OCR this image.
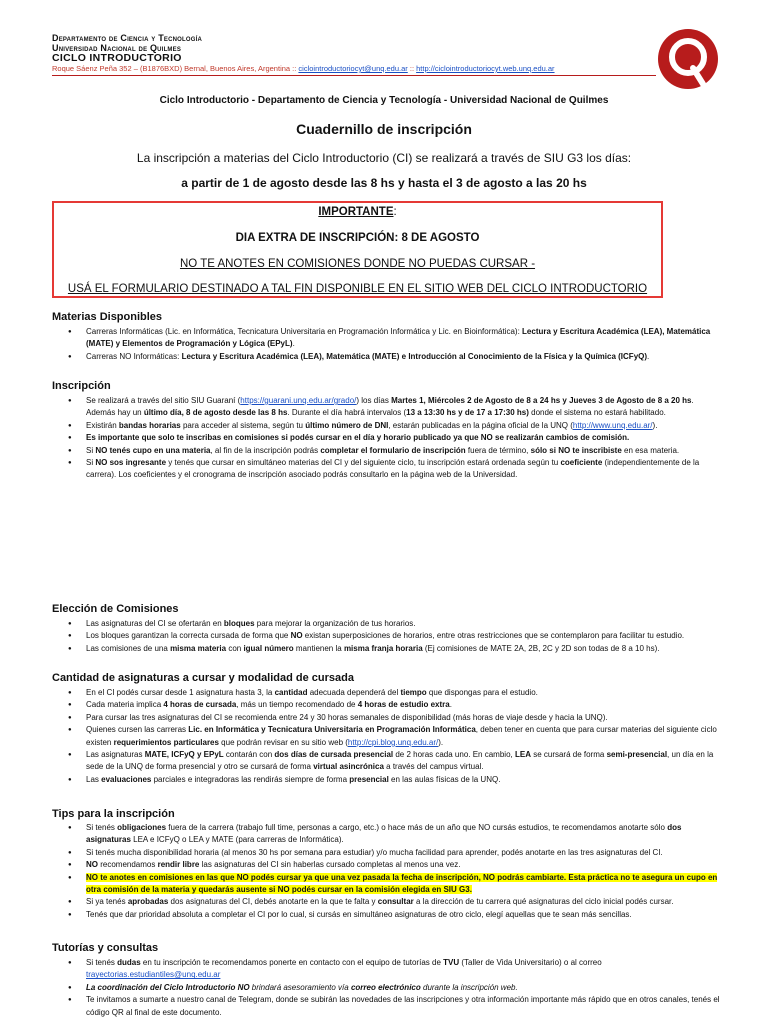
Departamento de Ciencia y Tecnología
Universidad Nacional de Quilmes
CICLO INTRODUCTORIO
Roque Sáenz Peña 352 – (B1876BXD) Bernal, Buenos Aires, Argentina :: ciclointroductoriocyt@unq.edu.ar :: http://ciclointroductoriocyt.web.unq.edu.ar
Q
Ciclo Introductorio - Departamento de Ciencia y Tecnología - Universidad Nacional de Quilmes
Cuadernillo de inscripción
La inscripción a materias del Ciclo Introductorio (CI) se realizará a través de SIU G3 los días:
a partir de 1 de agosto desde las 8 hs y hasta el 3 de agosto a las 20 hs
IMPORTANTE:
DIA EXTRA DE INSCRIPCIÓN: 8 DE AGOSTO
NO TE ANOTES EN COMISIONES DONDE NO PUEDAS CURSAR -
USÁ EL FORMULARIO DESTINADO A TAL FIN DISPONIBLE EN EL SITIO WEB DEL CICLO INTRODUCTORIO
Materias Disponibles
● Carreras Informáticas (Lic. en Informática, Tecnicatura Universitaria en Programación Informática y Lic. en Bioinformática): Lectura y Escritura Académica (LEA), Matemática (MATE) y Elementos de Programación y Lógica (EPyL).
● Carreras NO Informáticas: Lectura y Escritura Académica (LEA), Matemática (MATE) e Introducción al Conocimiento de la Física y la Química (ICFyQ).
Inscripción
● Se realizará a través del sitio SIU Guaraní (https://guarani.unq.edu.ar/grado/) los días Martes 1, Miércoles 2 de Agosto de 8 a 24 hs y Jueves 3 de Agosto de 8 a 20 hs. Además hay un último día, 8 de agosto desde las 8 hs. Durante el día habrá intervalos (13 a 13:30 hs y de 17 a 17:30 hs) donde el sistema no estará habilitado.
● Existirán bandas horarias para acceder al sistema, según tu último número de DNI, estarán publicadas en la página oficial de la UNQ (http://www.unq.edu.ar/).
● Es importante que solo te inscribas en comisiones si podés cursar en el día y horario publicado ya que NO se realizarán cambios de comisión.
● Si NO tenés cupo en una materia, al fin de la inscripción podrás completar el formulario de inscripción fuera de término, sólo si NO te inscribiste en esa materia.
● Si NO sos ingresante y tenés que cursar en simultáneo materias del CI y del siguiente ciclo, tu inscripción estará ordenada según tu coeficiente (independientemente de la carrera). Los coeficientes y el cronograma de inscripción asociado podrás consultarlo en la página web de la Universidad.
Elección de Comisiones
● Las asignaturas del CI se ofertarán en bloques para mejorar la organización de tus horarios.
● Los bloques garantizan la correcta cursada de forma que NO existan superposiciones de horarios, entre otras restricciones que se contemplaron para facilitar tu estudio.
● Las comisiones de una misma materia con igual número mantienen la misma franja horaria (Ej comisiones de MATE 2A, 2B, 2C y 2D son todas de 8 a 10 hs).
Cantidad de asignaturas a cursar y modalidad de cursada
● En el CI podés cursar desde 1 asignatura hasta 3, la cantidad adecuada dependerá del tiempo que dispongas para el estudio.
● Cada materia implica 4 horas de cursada, más un tiempo recomendado de 4 horas de estudio extra.
● Para cursar las tres asignaturas del CI se recomienda entre 24 y 30 horas semanales de disponibilidad (más horas de viaje desde y hacia la UNQ).
● Quienes cursen las carreras Lic. en Informática y Tecnicatura Universitaria en Programación Informática, deben tener en cuenta que para cursar materias del siguiente ciclo existen requerimientos particulares que podrán revisar en su sitio web (http://cpi.blog.unq.edu.ar/).
● Las asignaturas MATE, ICFyQ y EPyL contarán con dos días de cursada presencial de 2 horas cada uno. En cambio, LEA se cursará de forma semi-presencial, un día en la sede de la UNQ de forma presencial y otro se cursará de forma virtual asincrónica a través del campus virtual.
● Las evaluaciones parciales e integradoras las rendirás siempre de forma presencial en las aulas físicas de la UNQ.
Tips para la inscripción
● Si tenés obligaciones fuera de la carrera (trabajo full time, personas a cargo, etc.) o hace más de un año que NO cursás estudios, te recomendamos anotarte sólo dos asignaturas LEA e ICFyQ o LEA y MATE (para carreras de Informática).
● Si tenés mucha disponibilidad horaria (al menos 30 hs por semana para estudiar) y/o mucha facilidad para aprender, podés anotarte en las tres asignaturas del CI.
● NO recomendamos rendir libre las asignaturas del CI sin haberlas cursado completas al menos una vez.
● NO te anotes en comisiones en las que NO podés cursar ya que una vez pasada la fecha de inscripción, NO podrás cambiarte. Esta práctica no te asegura un cupo en otra comisión de la materia y quedarás ausente si NO podés cursar en la comisión elegida en SIU G3.
● Si ya tenés aprobadas dos asignaturas del CI, debés anotarte en la que te falta y consultar a la dirección de tu carrera qué asignaturas del ciclo inicial podés cursar.
● Tenés que dar prioridad absoluta a completar el CI por lo cual, si cursás en simultáneo asignaturas de otro ciclo, elegí aquellas que te sean más sencillas.
Tutorías y consultas
● Si tenés dudas en tu inscripción te recomendamos ponerte en contacto con el equipo de tutorías de TVU (Taller de Vida Universitario) o al correo trayectorias.estudiantiles@unq.edu.ar
● La coordinación del Ciclo Introductorio NO brindará asesoramiento vía correo electrónico durante la inscripción web.
● Te invitamos a sumarte a nuestro canal de Telegram, donde se subirán las novedades de las inscripciones y otra información importante más rápido que en otros canales, tenés el código QR al final de este documento.
